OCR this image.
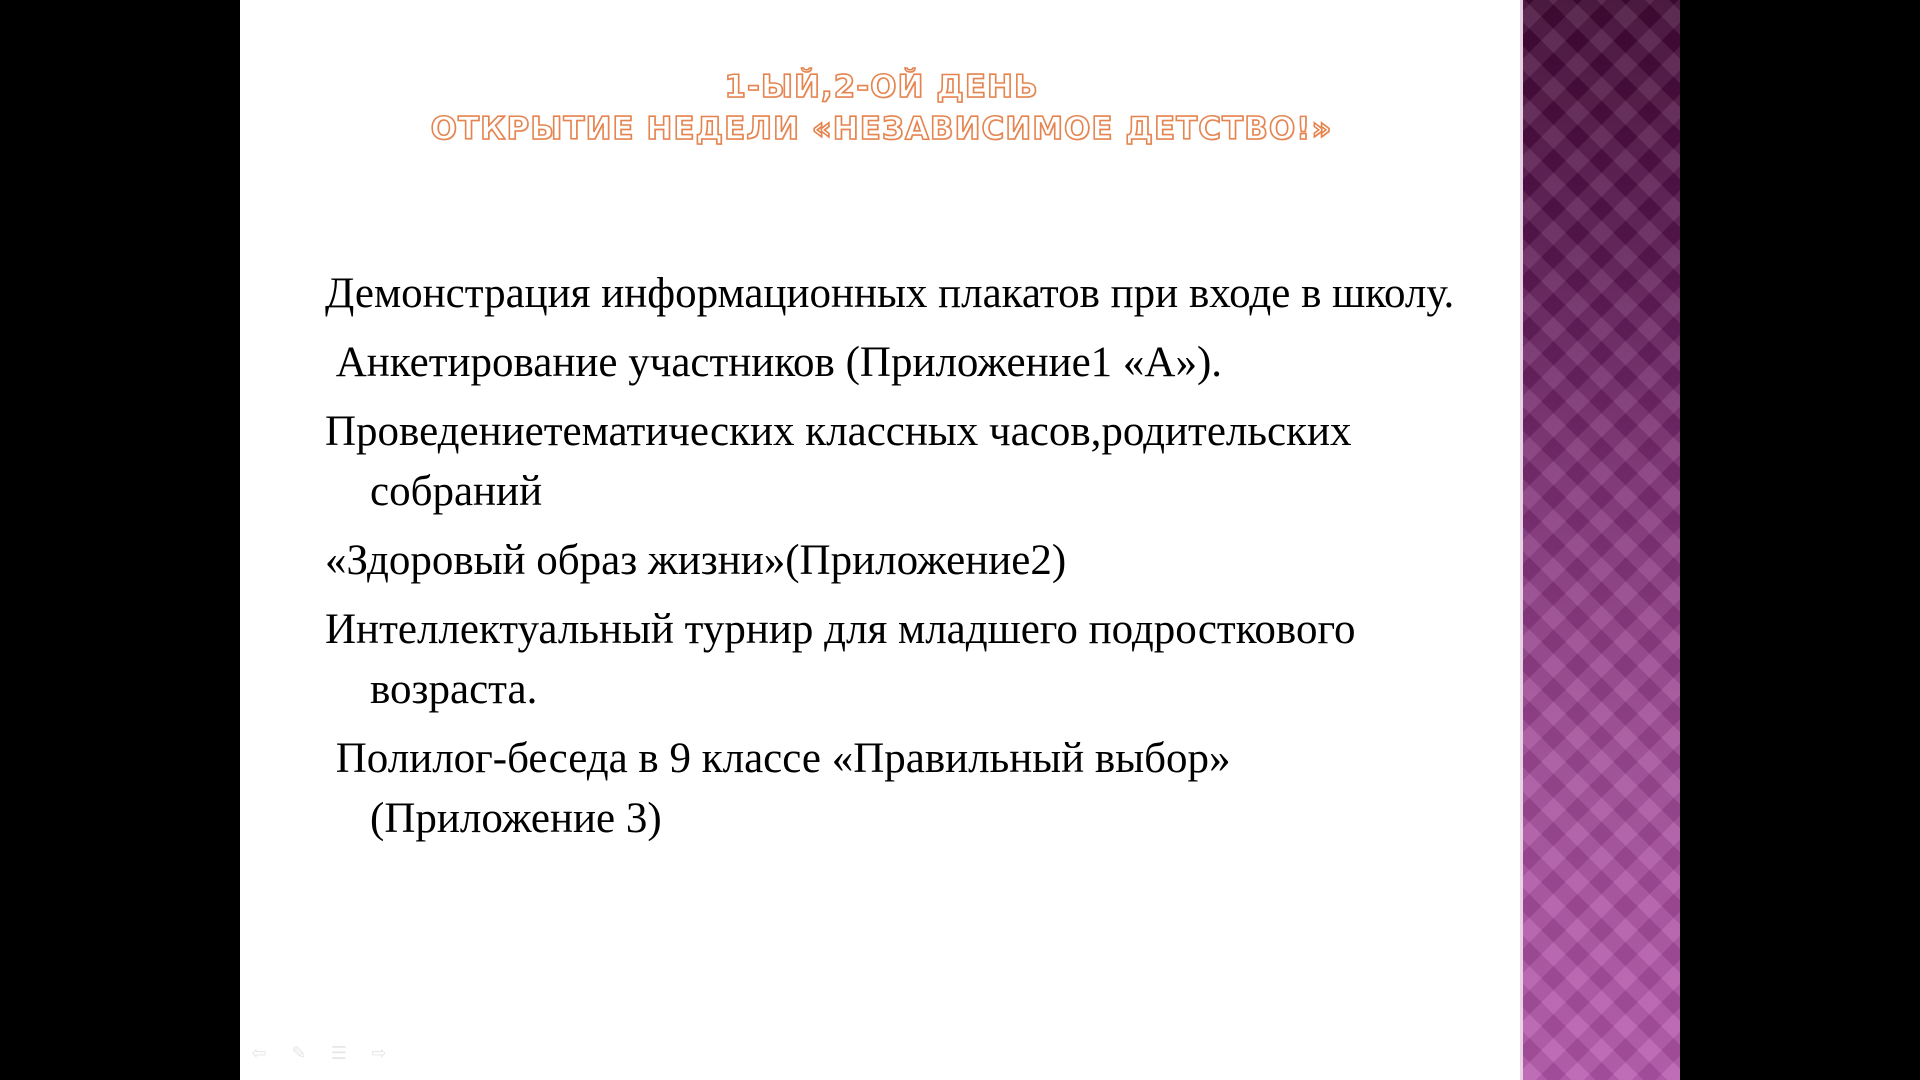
1-ЫЙ,2-ОЙ ДЕНЬ
ОТКРЫТИЕ НЕДЕЛИ «НЕЗАВИСИМОЕ ДЕТСТВО!»
Демонстрация информационных плакатов при входе в школу.
Анкетирование участников (Приложение1 «А»).
Проведениетематических классных часов,родительских собраний
«Здоровый образ жизни»(Приложение2)
Интеллектуальный турнир для младшего подросткового возраста.
Полилог-беседа в 9 классе «Правильный выбор» (Приложение 3)
⇦ ✎ ☰ ⇨
